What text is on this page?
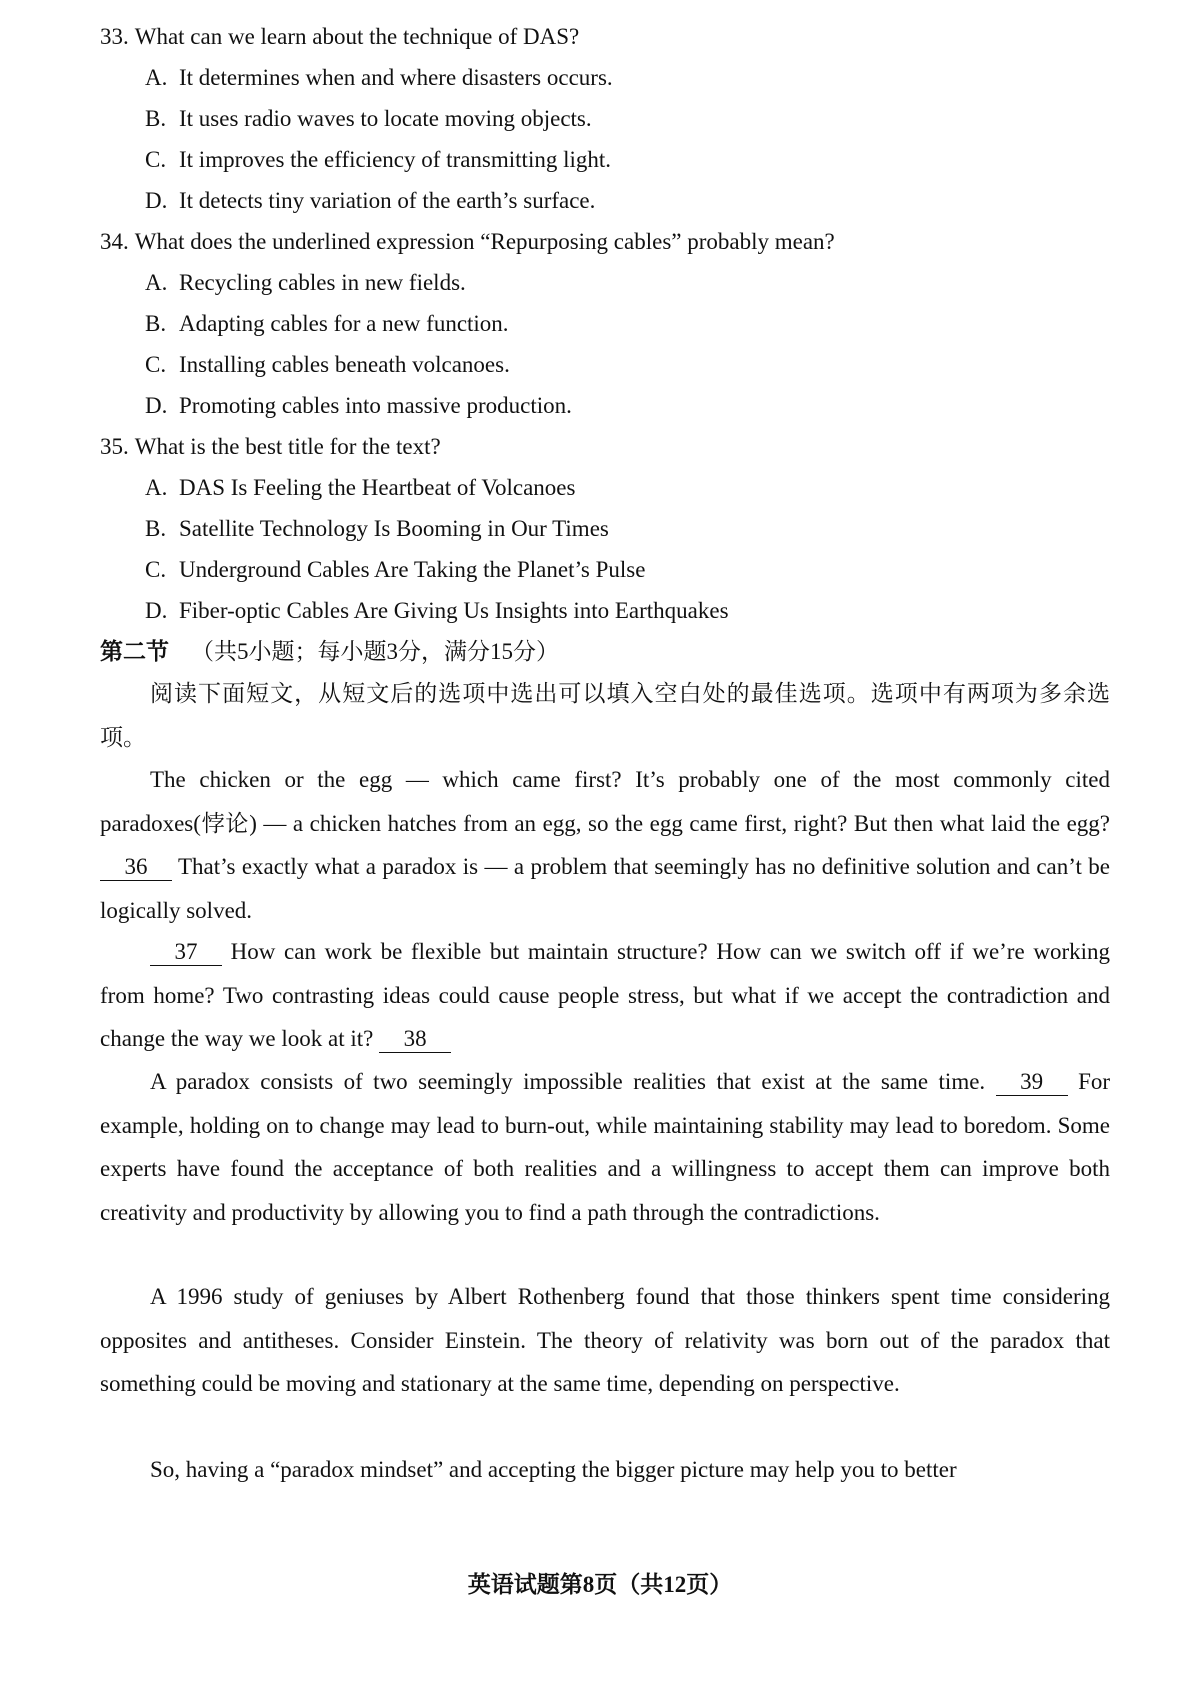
33. What can we learn about the technique of DAS?
A. It determines when and where disasters occurs.
B. It uses radio waves to locate moving objects.
C. It improves the efficiency of transmitting light.
D. It detects tiny variation of the earth’s surface.
34. What does the underlined expression “Repurposing cables” probably mean?
A. Recycling cables in new fields.
B. Adapting cables for a new function.
C. Installing cables beneath volcanoes.
D. Promoting cables into massive production.
35. What is the best title for the text?
A. DAS Is Feeling the Heartbeat of Volcanoes
B. Satellite Technology Is Booming in Our Times
C. Underground Cables Are Taking the Planet’s Pulse
D. Fiber-optic Cables Are Giving Us Insights into Earthquakes
第二节 （共5小题；每小题3分，满分15分）
阅读下面短文，从短文后的选项中选出可以填入空白处的最佳选项。选项中有两项为多余选项。
The chicken or the egg — which came first? It’s probably one of the most commonly cited paradoxes(悖论) — a chicken hatches from an egg, so the egg came first, right? But then what laid the egg? 36 That’s exactly what a paradox is — a problem that seemingly has no definitive solution and can’t be logically solved.
37 How can work be flexible but maintain structure? How can we switch off if we’re working from home? Two contrasting ideas could cause people stress, but what if we accept the contradiction and change the way we look at it? 38
A paradox consists of two seemingly impossible realities that exist at the same time. 39 For example, holding on to change may lead to burn-out, while maintaining stability may lead to boredom. Some experts have found the acceptance of both realities and a willingness to accept them can improve both creativity and productivity by allowing you to find a path through the contradictions.
A 1996 study of geniuses by Albert Rothenberg found that those thinkers spent time considering opposites and antitheses. Consider Einstein. The theory of relativity was born out of the paradox that something could be moving and stationary at the same time, depending on perspective.
So, having a “paradox mindset” and accepting the bigger picture may help you to better
英语试题第8页（共12页）
